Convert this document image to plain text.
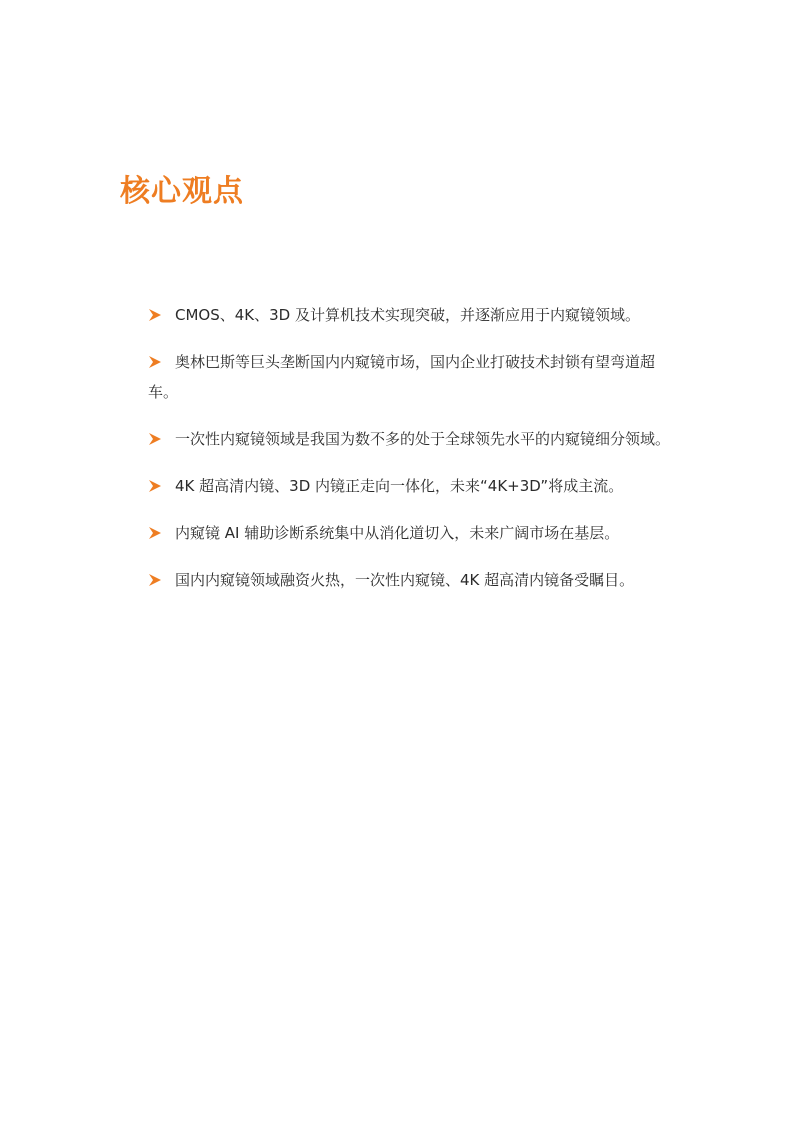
核心观点
CMOS、4K、3D 及计算机技术实现突破，并逐渐应用于内窥镜领域。
奥林巴斯等巨头垄断国内内窥镜市场，国内企业打破技术封锁有望弯道超车。
一次性内窥镜领域是我国为数不多的处于全球领先水平的内窥镜细分领域。
4K 超高清内镜、3D 内镜正走向一体化，未来“4K+3D”将成主流。
内窥镜 AI 辅助诊断系统集中从消化道切入，未来广阔市场在基层。
国内内窥镜领域融资火热，一次性内窥镜、4K 超高清内镜备受瞩目。
